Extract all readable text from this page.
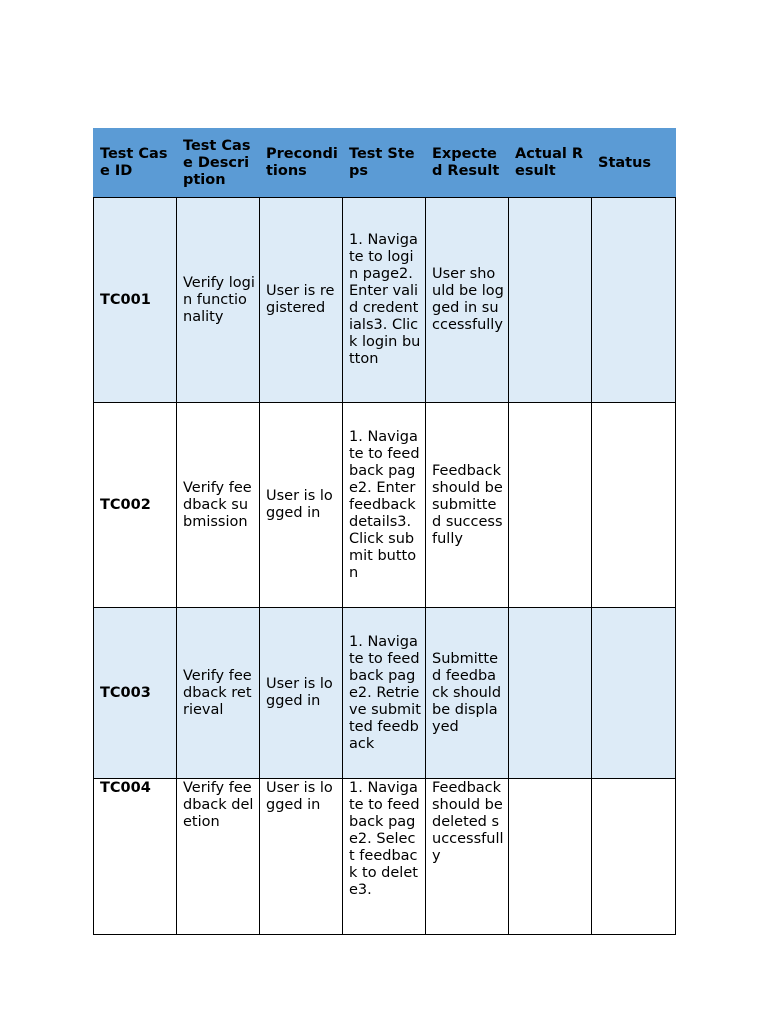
Test Case ID	Test Case Description	Preconditions	Test Steps	Expected Result	Actual Result	Status
TC001	Verify login functionality	User is registered	1. Navigate to login page2. Enter valid credentials3. Click login button	User should be logged in successfully		
TC002	Verify feedback submission	User is logged in	1. Navigate to feedback page2. Enter feedback details3. Click submit button	Feedback should be submitted successfully		
TC003	Verify feedback retrieval	User is logged in	1. Navigate to feedback page2. Retrieve submitted feedback	Submitted feedback should be displayed		
TC004	Verify feedback deletion	User is logged in	1. Navigate to feedback page2. Select feedback to delete3.	Feedback should be deleted successfully		
